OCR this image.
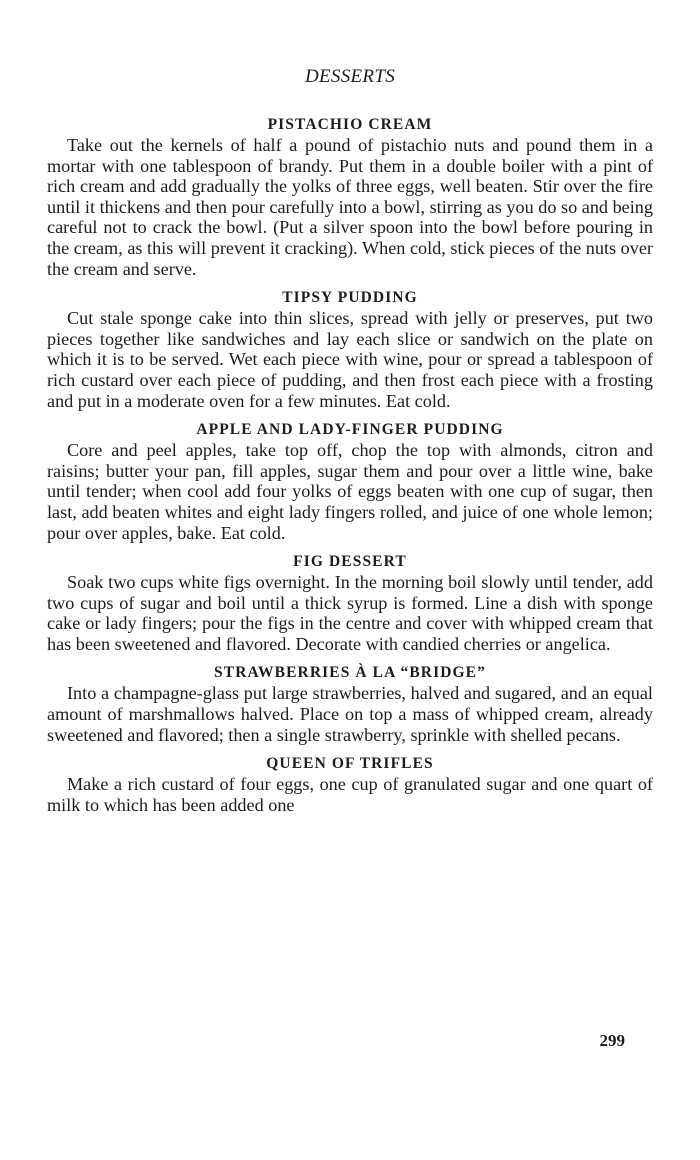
DESSERTS
PISTACHIO CREAM

Take out the kernels of half a pound of pistachio nuts and pound them in a mortar with one tablespoon of brandy. Put them in a double boiler with a pint of rich cream and add gradually the yolks of three eggs, well beaten. Stir over the fire until it thickens and then pour carefully into a bowl, stirring as you do so and being careful not to crack the bowl. (Put a silver spoon into the bowl before pouring in the cream, as this will prevent it cracking). When cold, stick pieces of the nuts over the cream and serve.

TIPSY PUDDING

Cut stale sponge cake into thin slices, spread with jelly or preserves, put two pieces together like sandwiches and lay each slice or sandwich on the plate on which it is to be served. Wet each piece with wine, pour or spread a tablespoon of rich custard over each piece of pudding, and then frost each piece with a frosting and put in a moderate oven for a few minutes. Eat cold.

APPLE AND LADY-FINGER PUDDING

Core and peel apples, take top off, chop the top with almonds, citron and raisins; butter your pan, fill apples, sugar them and pour over a little wine, bake until tender; when cool add four yolks of eggs beaten with one cup of sugar, then last, add beaten whites and eight lady fingers rolled, and juice of one whole lemon; pour over apples, bake. Eat cold.

FIG DESSERT

Soak two cups white figs overnight. In the morning boil slowly until tender, add two cups of sugar and boil until a thick syrup is formed. Line a dish with sponge cake or lady fingers; pour the figs in the centre and cover with whipped cream that has been sweetened and flavored. Decorate with candied cherries or angelica.

STRAWBERRIES À LA “BRIDGE”

Into a champagne-glass put large strawberries, halved and sugared, and an equal amount of marshmallows halved. Place on top a mass of whipped cream, already sweetened and flavored; then a single strawberry, sprinkle with shelled pecans.

QUEEN OF TRIFLES

Make a rich custard of four eggs, one cup of granulated sugar and one quart of milk to which has been added one

299
